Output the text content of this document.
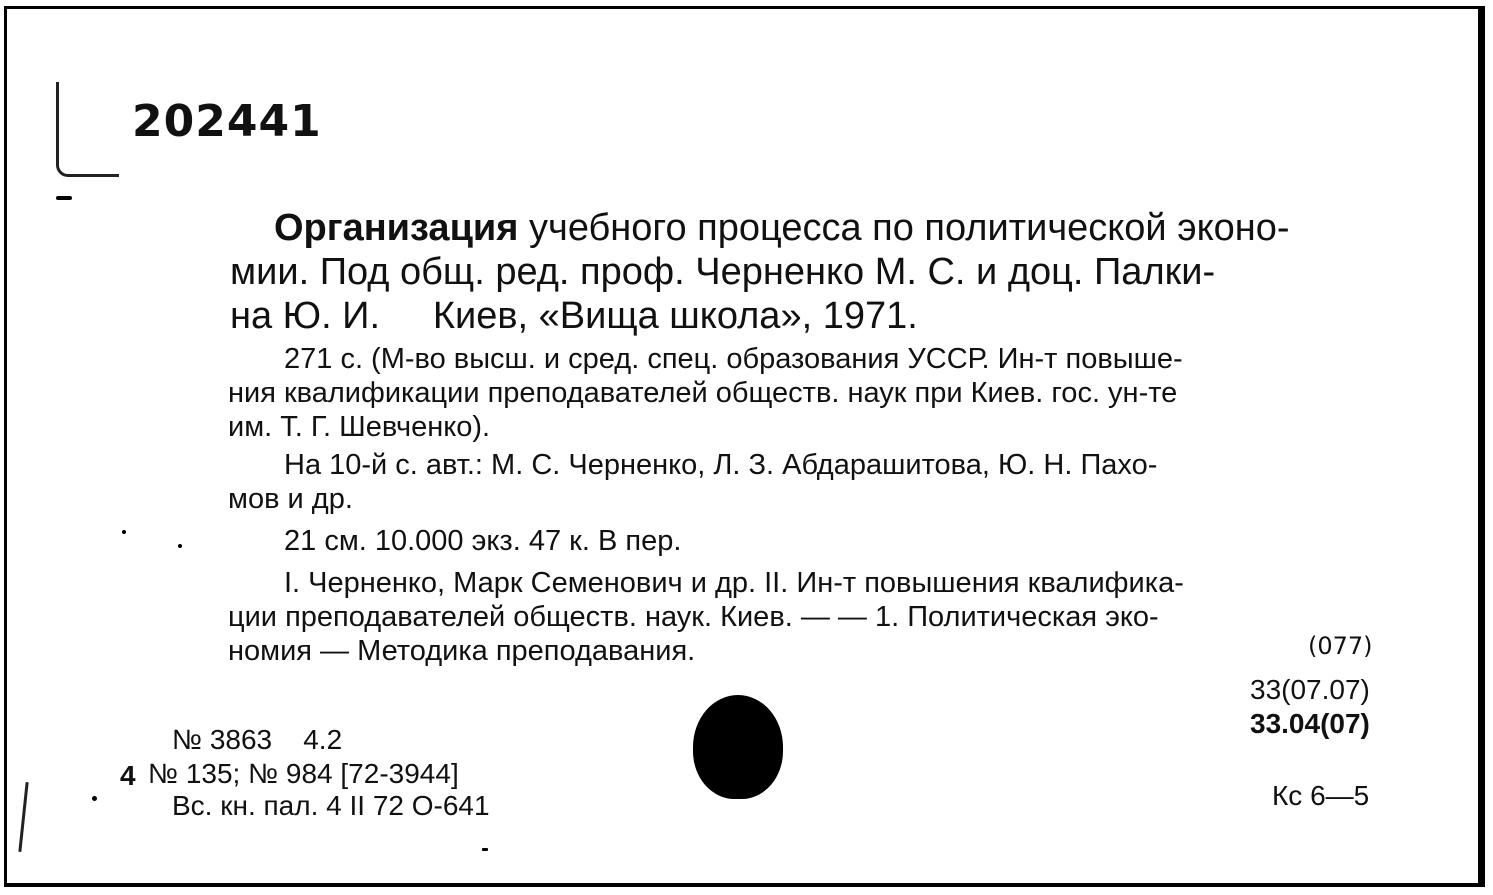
202441
Организация учебного процесса по политической эконо-
мии. Под общ. ред. проф. Черненко М. С. и доц. Палки-
на Ю. И.     Киев, «Вища школа», 1971.
271 с. (М-во высш. и сред. спец. образования УССР. Ин-т повыше-
ния квалификации преподавателей обществ. наук при Киев. гос. ун-те
им. Т. Г. Шевченко).
На 10-й с. авт.: М. С. Черненко, Л. З. Абдарашитова, Ю. Н. Пахо-
мов и др.
21 см. 10.000 экз. 47 к. В пер.
I. Черненко, Марк Семенович и др. II. Ин-т повышения квалифика-
ции преподавателей обществ. наук. Киев. — — 1. Политическая эко-
номия — Методика преподавания.	(077)
33(07.07)
33.04(07)
Кс 6—5
№ 3863    4.2
4 № 135; № 984 [72-3944]
Вс. кн. пал. 4 II 72 О-641
